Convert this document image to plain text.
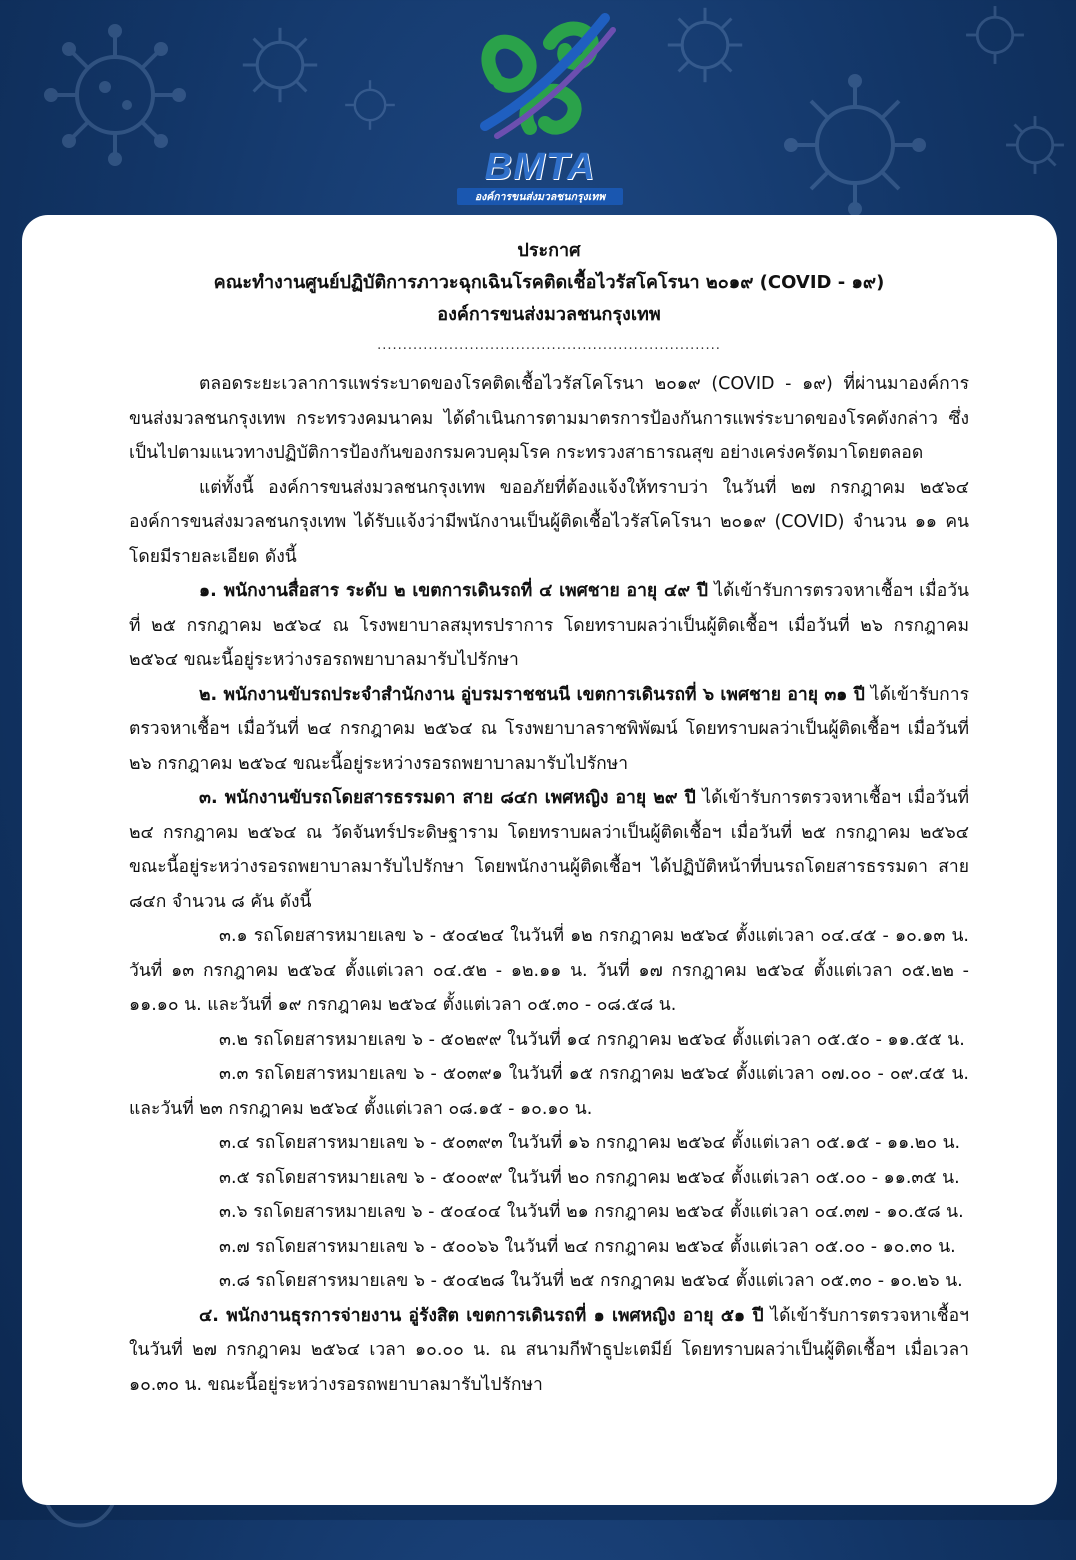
BMTA
องค์การขนส่งมวลชนกรุงเทพ
ประกาศ
คณะทำงานศูนย์ปฏิบัติการภาวะฉุกเฉินโรคติดเชื้อไวรัสโคโรนา ๒๐๑๙ (COVID - ๑๙)
องค์การขนส่งมวลชนกรุงเทพ
...................................................................

ตลอดระยะเวลาการแพร่ระบาดของโรคติดเชื้อไวรัสโคโรนา ๒๐๑๙ (COVID - ๑๙) ที่ผ่านมาองค์การขนส่งมวลชนกรุงเทพ กระทรวงคมนาคม ได้ดำเนินการตามมาตรการป้องกันการแพร่ระบาดของโรคดังกล่าว ซึ่งเป็นไปตามแนวทางปฏิบัติการป้องกันของกรมควบคุมโรค กระทรวงสาธารณสุข อย่างเคร่งครัดมาโดยตลอด

แต่ทั้งนี้ องค์การขนส่งมวลชนกรุงเทพ ขออภัยที่ต้องแจ้งให้ทราบว่า ในวันที่ ๒๗ กรกฎาคม ๒๕๖๔ องค์การขนส่งมวลชนกรุงเทพ ได้รับแจ้งว่ามีพนักงานเป็นผู้ติดเชื้อไวรัสโคโรนา ๒๐๑๙ (COVID) จำนวน ๑๑ คน โดยมีรายละเอียด ดังนี้

๑. พนักงานสื่อสาร ระดับ ๒ เขตการเดินรถที่ ๔ เพศชาย อายุ ๔๙ ปี ได้เข้ารับการตรวจหาเชื้อฯ เมื่อวันที่ ๒๕ กรกฎาคม ๒๕๖๔ ณ โรงพยาบาลสมุทรปราการ โดยทราบผลว่าเป็นผู้ติดเชื้อฯ เมื่อวันที่ ๒๖ กรกฎาคม ๒๕๖๔ ขณะนี้อยู่ระหว่างรอรถพยาบาลมารับไปรักษา

๒. พนักงานขับรถประจำสำนักงาน อู่บรมราชชนนี เขตการเดินรถที่ ๖ เพศชาย อายุ ๓๑ ปี ได้เข้ารับการตรวจหาเชื้อฯ เมื่อวันที่ ๒๔ กรกฎาคม ๒๕๖๔ ณ โรงพยาบาลราชพิพัฒน์ โดยทราบผลว่าเป็นผู้ติดเชื้อฯ เมื่อวันที่ ๒๖ กรกฎาคม ๒๕๖๔ ขณะนี้อยู่ระหว่างรอรถพยาบาลมารับไปรักษา

๓. พนักงานขับรถโดยสารธรรมดา สาย ๘๔ก เพศหญิง อายุ ๒๙ ปี ได้เข้ารับการตรวจหาเชื้อฯ เมื่อวันที่ ๒๔ กรกฎาคม ๒๕๖๔ ณ วัดจันทร์ประดิษฐาราม โดยทราบผลว่าเป็นผู้ติดเชื้อฯ เมื่อวันที่ ๒๕ กรกฎาคม ๒๕๖๔ ขณะนี้อยู่ระหว่างรอรถพยาบาลมารับไปรักษา โดยพนักงานผู้ติดเชื้อฯ ได้ปฏิบัติหน้าที่บนรถโดยสารธรรมดา สาย ๘๔ก จำนวน ๘ คัน ดังนี้

๓.๑ รถโดยสารหมายเลข ๖ - ๕๐๔๒๔ ในวันที่ ๑๒ กรกฎาคม ๒๕๖๔ ตั้งแต่เวลา ๐๔.๔๕ - ๑๐.๑๓ น. วันที่ ๑๓ กรกฎาคม ๒๕๖๔ ตั้งแต่เวลา ๐๔.๕๒ - ๑๒.๑๑ น. วันที่ ๑๗ กรกฎาคม ๒๕๖๔ ตั้งแต่เวลา ๐๕.๒๒ - ๑๑.๑๐ น. และวันที่ ๑๙ กรกฎาคม ๒๕๖๔ ตั้งแต่เวลา ๐๕.๓๐ - ๐๘.๕๘ น.

๓.๒ รถโดยสารหมายเลข ๖ - ๕๐๒๙๙ ในวันที่ ๑๔ กรกฎาคม ๒๕๖๔ ตั้งแต่เวลา ๐๕.๕๐ - ๑๑.๕๕ น.

๓.๓ รถโดยสารหมายเลข ๖ - ๕๐๓๙๑ ในวันที่ ๑๕ กรกฎาคม ๒๕๖๔ ตั้งแต่เวลา ๐๗.๐๐ - ๐๙.๔๕ น. และวันที่ ๒๓ กรกฎาคม ๒๕๖๔ ตั้งแต่เวลา ๐๘.๑๕ - ๑๐.๑๐ น.

๓.๔ รถโดยสารหมายเลข ๖ - ๕๐๓๙๓ ในวันที่ ๑๖ กรกฎาคม ๒๕๖๔ ตั้งแต่เวลา ๐๕.๑๕ - ๑๑.๒๐ น.

๓.๕ รถโดยสารหมายเลข ๖ - ๕๐๐๙๙ ในวันที่ ๒๐ กรกฎาคม ๒๕๖๔ ตั้งแต่เวลา ๐๕.๐๐ - ๑๑.๓๕ น.

๓.๖ รถโดยสารหมายเลข ๖ - ๕๐๔๐๔ ในวันที่ ๒๑ กรกฎาคม ๒๕๖๔ ตั้งแต่เวลา ๐๔.๓๗ - ๑๐.๕๘ น.

๓.๗ รถโดยสารหมายเลข ๖ - ๕๐๐๖๖ ในวันที่ ๒๔ กรกฎาคม ๒๕๖๔ ตั้งแต่เวลา ๐๕.๐๐ - ๑๐.๓๐ น.

๓.๘ รถโดยสารหมายเลข ๖ - ๕๐๔๒๘ ในวันที่ ๒๕ กรกฎาคม ๒๕๖๔ ตั้งแต่เวลา ๐๕.๓๐ - ๑๐.๒๖ น.

๔. พนักงานธุรการจ่ายงาน อู่รังสิต เขตการเดินรถที่ ๑ เพศหญิง อายุ ๕๑ ปี ได้เข้ารับการตรวจหาเชื้อฯ ในวันที่ ๒๗ กรกฎาคม ๒๕๖๔ เวลา ๑๐.๐๐ น. ณ สนามกีฬาธูปะเตมีย์ โดยทราบผลว่าเป็นผู้ติดเชื้อฯ เมื่อเวลา ๑๐.๓๐ น. ขณะนี้อยู่ระหว่างรอรถพยาบาลมารับไปรักษา
